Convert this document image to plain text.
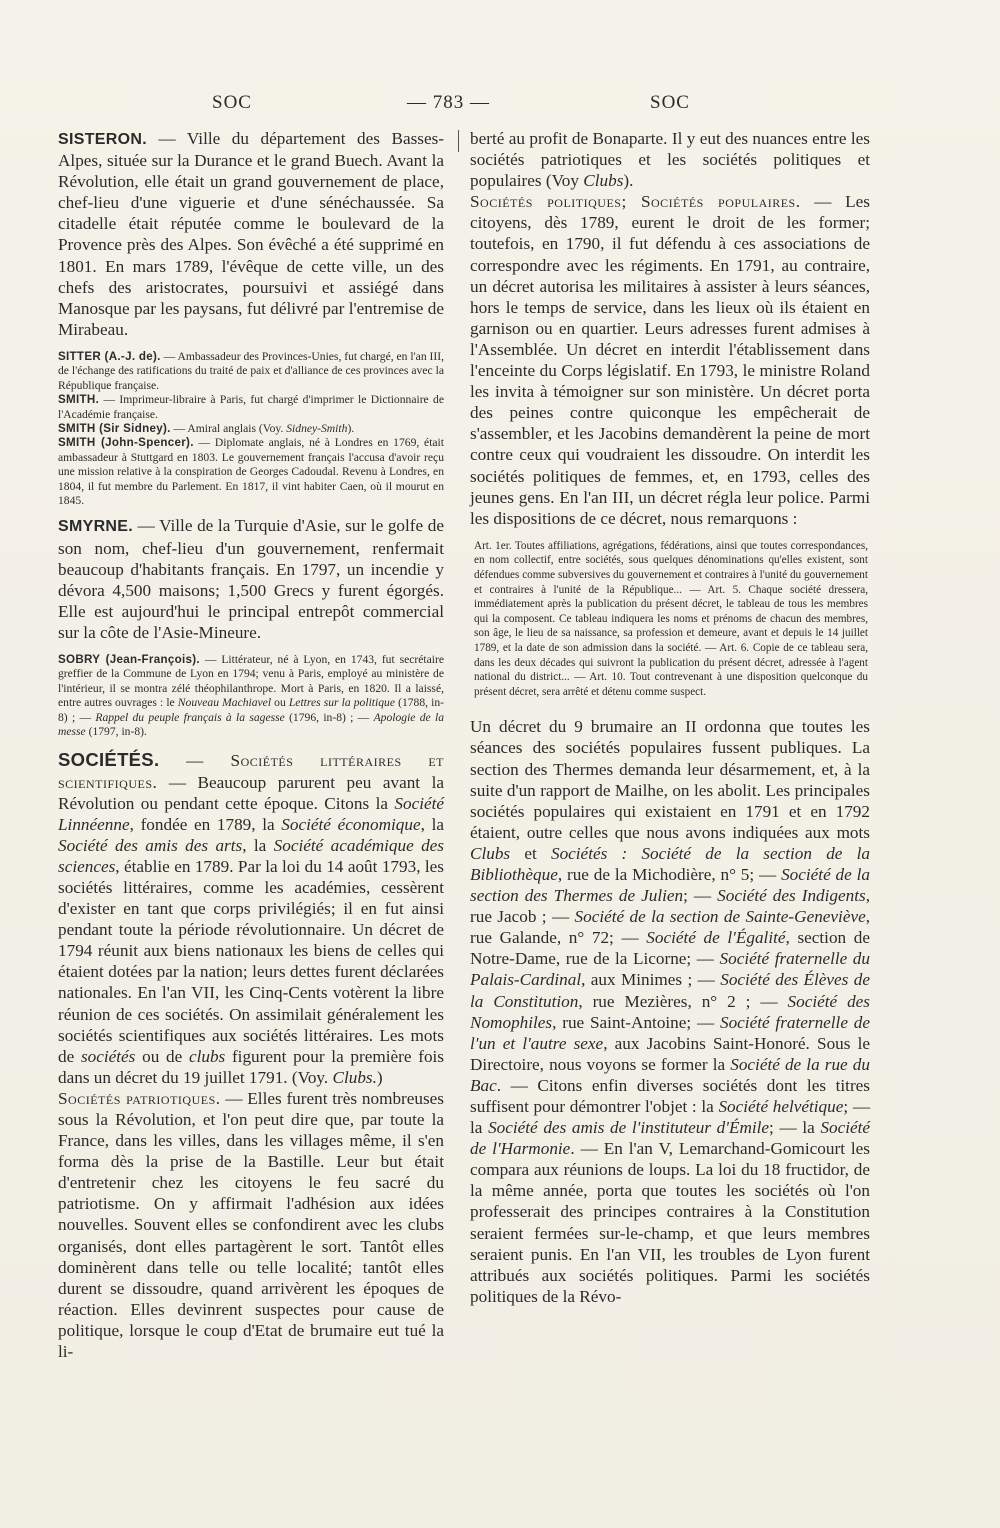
SOC	— 783 —	SOC

SISTERON. — Ville du département des Basses-Alpes, située sur la Durance et le grand Buech. Avant la Révolution, elle était un grand gouvernement de place, chef-lieu d'une viguerie et d'une sénéchaussée. Sa citadelle était réputée comme le boulevard de la Provence près des Alpes. Son évêché a été supprimé en 1801. En mars 1789, l'évêque de cette ville, un des chefs des aristocrates, poursuivi et assiégé dans Manosque par les paysans, fut délivré par l'entremise de Mirabeau.

SITTER (A.-J. de). — Ambassadeur des Provinces-Unies, fut chargé, en l'an III, de l'échange des ratifications du traité de paix et d'alliance de ces provinces avec la République française.

SMITH. — Imprimeur-libraire à Paris, fut chargé d'imprimer le Dictionnaire de l'Académie française.

SMITH (Sir Sidney). — Amiral anglais (Voy. Sidney-Smith).

SMITH (John-Spencer). — Diplomate anglais, né à Londres en 1769, était ambassadeur à Stuttgard en 1803. Le gouvernement français l'accusa d'avoir reçu une mission relative à la conspiration de Georges Cadoudal. Revenu à Londres, en 1804, il fut membre du Parlement. En 1817, il vint habiter Caen, où il mourut en 1845.

SMYRNE. — Ville de la Turquie d'Asie, sur le golfe de son nom, chef-lieu d'un gouvernement, renfermait beaucoup d'habitants français. En 1797, un incendie y dévora 4,500 maisons; 1,500 Grecs y furent égorgés. Elle est aujourd'hui le principal entrepôt commercial sur la côte de l'Asie-Mineure.

SOBRY (Jean-François). — Littérateur, né à Lyon, en 1743, fut secrétaire greffier de la Commune de Lyon en 1794; venu à Paris, employé au ministère de l'intérieur, il se montra zélé théophilanthrope. Mort à Paris, en 1820. Il a laissé, entre autres ouvrages : le Nouveau Machiavel ou Lettres sur la politique (1788, in-8) ; — Rappel du peuple français à la sagesse (1796, in-8) ; — Apologie de la messe (1797, in-8).

SOCIÉTÉS. — Sociétés littéraires et scientifiques. — Beaucoup parurent peu avant la Révolution ou pendant cette époque. Citons la Société Linnéenne, fondée en 1789, la Société économique, la Société des amis des arts, la Société académique des sciences, établie en 1789. Par la loi du 14 août 1793, les sociétés littéraires, comme les académies, cessèrent d'exister en tant que corps privilégiés; il en fut ainsi pendant toute la période révolutionnaire. Un décret de 1794 réunit aux biens nationaux les biens de celles qui étaient dotées par la nation; leurs dettes furent déclarées nationales. En l'an VII, les Cinq-Cents votèrent la libre réunion de ces sociétés. On assimilait généralement les sociétés scientifiques aux sociétés littéraires. Les mots de sociétés ou de clubs figurent pour la première fois dans un décret du 19 juillet 1791. (Voy. Clubs.)

Sociétés patriotiques. — Elles furent très nombreuses sous la Révolution, et l'on peut dire que, par toute la France, dans les villes, dans les villages même, il s'en forma dès la prise de la Bastille. Leur but était d'entretenir chez les citoyens le feu sacré du patriotisme. On y affirmait l'adhésion aux idées nouvelles. Souvent elles se confondirent avec les clubs organisés, dont elles partagèrent le sort. Tantôt elles dominèrent dans telle ou telle localité; tantôt elles durent se dissoudre, quand arrivèrent les époques de réaction. Elles devinrent suspectes pour cause de politique, lorsque le coup d'Etat de brumaire eut tué la li-

berté au profit de Bonaparte. Il y eut des nuances entre les sociétés patriotiques et les sociétés politiques et populaires (Voy Clubs).

Sociétés politiques; Sociétés populaires. — Les citoyens, dès 1789, eurent le droit de les former; toutefois, en 1790, il fut défendu à ces associations de correspondre avec les régiments. En 1791, au contraire, un décret autorisa les militaires à assister à leurs séances, hors le temps de service, dans les lieux où ils étaient en garnison ou en quartier. Leurs adresses furent admises à l'Assemblée. Un décret en interdit l'établissement dans l'enceinte du Corps législatif. En 1793, le ministre Roland les invita à témoigner sur son ministère. Un décret porta des peines contre quiconque les empêcherait de s'assembler, et les Jacobins demandèrent la peine de mort contre ceux qui voudraient les dissoudre. On interdit les sociétés politiques de femmes, et, en 1793, celles des jeunes gens. En l'an III, un décret régla leur police. Parmi les dispositions de ce décret, nous remarquons :

Art. 1er. Toutes affiliations, agrégations, fédérations, ainsi que toutes correspondances, en nom collectif, entre sociétés, sous quelques dénominations qu'elles existent, sont défendues comme subversives du gouvernement et contraires à l'unité du gouvernement et contraires à l'unité de la République... — Art. 5. Chaque société dressera, immédiatement après la publication du présent décret, le tableau de tous les membres qui la composent. Ce tableau indiquera les noms et prénoms de chacun des membres, son âge, le lieu de sa naissance, sa profession et demeure, avant et depuis le 14 juillet 1789, et la date de son admission dans la société. — Art. 6. Copie de ce tableau sera, dans les deux décades qui suivront la publication du présent décret, adressée à l'agent national du district... — Art. 10. Tout contrevenant à une disposition quelconque du présent décret, sera arrêté et détenu comme suspect.

Un décret du 9 brumaire an II ordonna que toutes les séances des sociétés populaires fussent publiques. La section des Thermes demanda leur désarmement, et, à la suite d'un rapport de Mailhe, on les abolit. Les principales sociétés populaires qui existaient en 1791 et en 1792 étaient, outre celles que nous avons indiquées aux mots Clubs et Sociétés : Société de la section de la Bibliothèque, rue de la Michodière, n° 5; — Société de la section des Thermes de Julien; — Société des Indigents, rue Jacob ; — Société de la section de Sainte-Geneviève, rue Galande, n° 72; — Société de l'Égalité, section de Notre-Dame, rue de la Licorne; — Société fraternelle du Palais-Cardinal, aux Minimes ; — Société des Élèves de la Constitution, rue Mezières, n° 2 ; — Société des Nomophiles, rue Saint-Antoine; — Société fraternelle de l'un et l'autre sexe, aux Jacobins Saint-Honoré. Sous le Directoire, nous voyons se former la Société de la rue du Bac. — Citons enfin diverses sociétés dont les titres suffisent pour démontrer l'objet : la Société helvétique; — la Société des amis de l'instituteur d'Émile; — la Société de l'Harmonie. — En l'an V, Lemarchand-Gomicourt les compara aux réunions de loups. La loi du 18 fructidor, de la même année, porta que toutes les sociétés où l'on professerait des principes contraires à la Constitution seraient fermées sur-le-champ, et que leurs membres seraient punis. En l'an VII, les troubles de Lyon furent attribués aux sociétés politiques. Parmi les sociétés politiques de la Révo-
